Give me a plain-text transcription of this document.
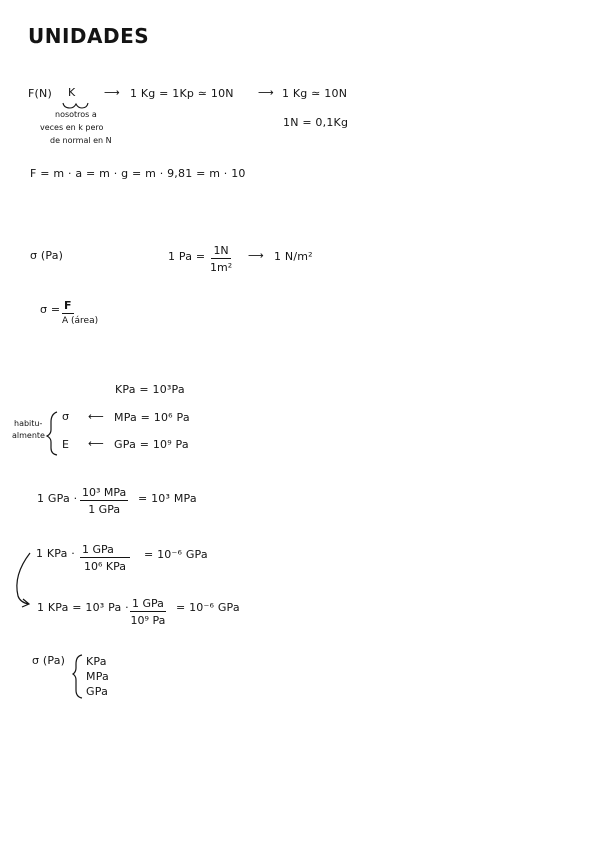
UNIDADES
F(N) K	⟶ 1 Kg = 1Kp ≃ 10N ⟶ 1 Kg ≃ 10N
1N = 0,1Kg
nosotros a
veces en k pero
de normal en N
F = m · a = m · g = m · 9,81 = m · 10
σ (Pa)	1 $Pa = \frac{1N}{\text{1m²}}$ ⟶ 1 N/m²
σ = F
A (área)
KPa = 10³Pa
habitu-
almente
σ ⟵ MPa = 10⁶ Pa
E ⟵ GPa = 10⁹ Pa
1 GPa · 10³ MPa
1 GPa
= 10³ MPa
1 KPa · 1 GPa
10⁶ KPa
= 10⁻⁶ GPa
1 KPa = 10³ Pa · 1 GPa
10⁹ Pa
= 10⁻⁶ GPa
σ (Pa) KPa
MPa
GPa
